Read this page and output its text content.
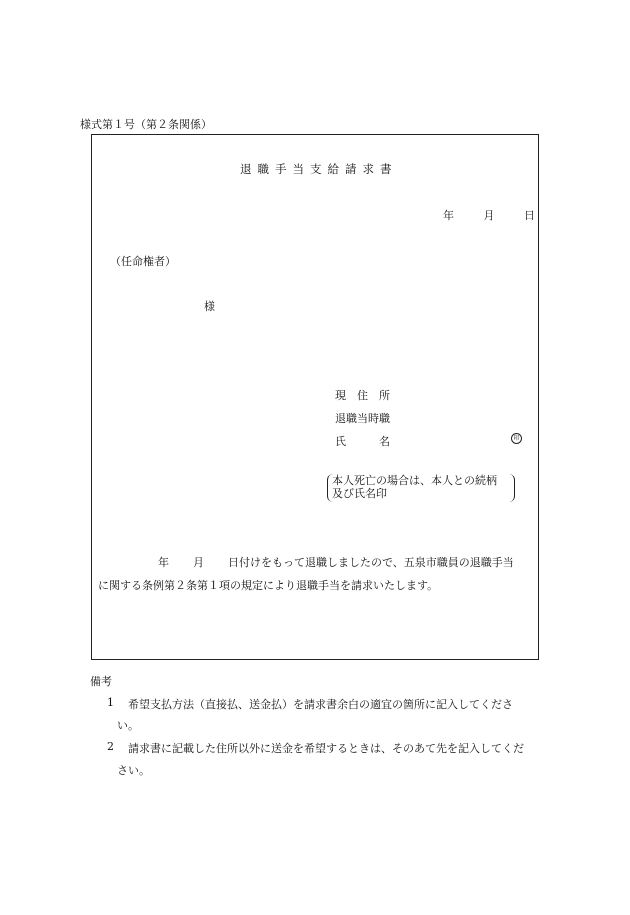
様式第１号（第２条関係）
退職手当支給請求書
年	月	日
（任命権者）
様
現　住　所
退職当時職
氏　　　名	印
本人死亡の場合は、本人との続柄
及び氏名印
年 月 日付けをもって退職しましたので、五泉市職員の退職手当
に関する条例第２条第１項の規定により退職手当を請求いたします。
備考
1 希望支払方法（直接払、送金払）を請求書余白の適宜の箇所に記入してくださ
い。
2 請求書に記載した住所以外に送金を希望するときは、そのあて先を記入してくだ
さい。
